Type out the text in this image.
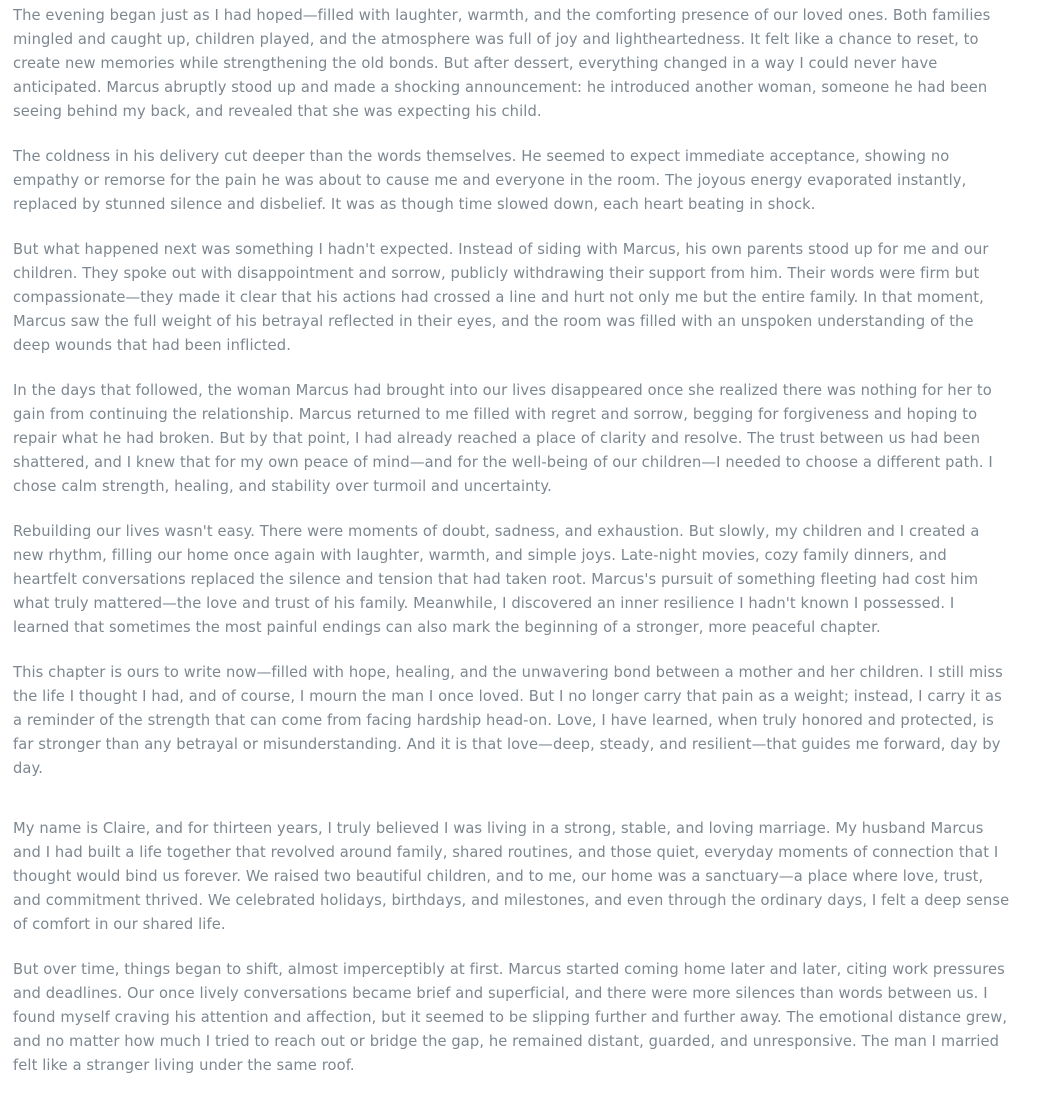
The evening began just as I had hoped—filled with laughter, warmth, and the comforting presence of our loved ones. Both families mingled and caught up, children played, and the atmosphere was full of joy and lightheartedness. It felt like a chance to reset, to create new memories while strengthening the old bonds. But after dessert, everything changed in a way I could never have anticipated. Marcus abruptly stood up and made a shocking announcement: he introduced another woman, someone he had been seeing behind my back, and revealed that she was expecting his child.

The coldness in his delivery cut deeper than the words themselves. He seemed to expect immediate acceptance, showing no empathy or remorse for the pain he was about to cause me and everyone in the room. The joyous energy evaporated instantly, replaced by stunned silence and disbelief. It was as though time slowed down, each heart beating in shock.

But what happened next was something I hadn't expected. Instead of siding with Marcus, his own parents stood up for me and our children. They spoke out with disappointment and sorrow, publicly withdrawing their support from him. Their words were firm but compassionate—they made it clear that his actions had crossed a line and hurt not only me but the entire family. In that moment, Marcus saw the full weight of his betrayal reflected in their eyes, and the room was filled with an unspoken understanding of the deep wounds that had been inflicted.

In the days that followed, the woman Marcus had brought into our lives disappeared once she realized there was nothing for her to gain from continuing the relationship. Marcus returned to me filled with regret and sorrow, begging for forgiveness and hoping to repair what he had broken. But by that point, I had already reached a place of clarity and resolve. The trust between us had been shattered, and I knew that for my own peace of mind—and for the well-being of our children—I needed to choose a different path. I chose calm strength, healing, and stability over turmoil and uncertainty.

Rebuilding our lives wasn't easy. There were moments of doubt, sadness, and exhaustion. But slowly, my children and I created a new rhythm, filling our home once again with laughter, warmth, and simple joys. Late-night movies, cozy family dinners, and heartfelt conversations replaced the silence and tension that had taken root. Marcus's pursuit of something fleeting had cost him what truly mattered—the love and trust of his family. Meanwhile, I discovered an inner resilience I hadn't known I possessed. I learned that sometimes the most painful endings can also mark the beginning of a stronger, more peaceful chapter.

This chapter is ours to write now—filled with hope, healing, and the unwavering bond between a mother and her children. I still miss the life I thought I had, and of course, I mourn the man I once loved. But I no longer carry that pain as a weight; instead, I carry it as a reminder of the strength that can come from facing hardship head-on. Love, I have learned, when truly honored and protected, is far stronger than any betrayal or misunderstanding. And it is that love—deep, steady, and resilient—that guides me forward, day by day.

My name is Claire, and for thirteen years, I truly believed I was living in a strong, stable, and loving marriage. My husband Marcus and I had built a life together that revolved around family, shared routines, and those quiet, everyday moments of connection that I thought would bind us forever. We raised two beautiful children, and to me, our home was a sanctuary—a place where love, trust, and commitment thrived. We celebrated holidays, birthdays, and milestones, and even through the ordinary days, I felt a deep sense of comfort in our shared life.

But over time, things began to shift, almost imperceptibly at first. Marcus started coming home later and later, citing work pressures and deadlines. Our once lively conversations became brief and superficial, and there were more silences than words between us. I found myself craving his attention and affection, but it seemed to be slipping further and further away. The emotional distance grew, and no matter how much I tried to reach out or bridge the gap, he remained distant, guarded, and unresponsive. The man I married felt like a stranger living under the same roof.
